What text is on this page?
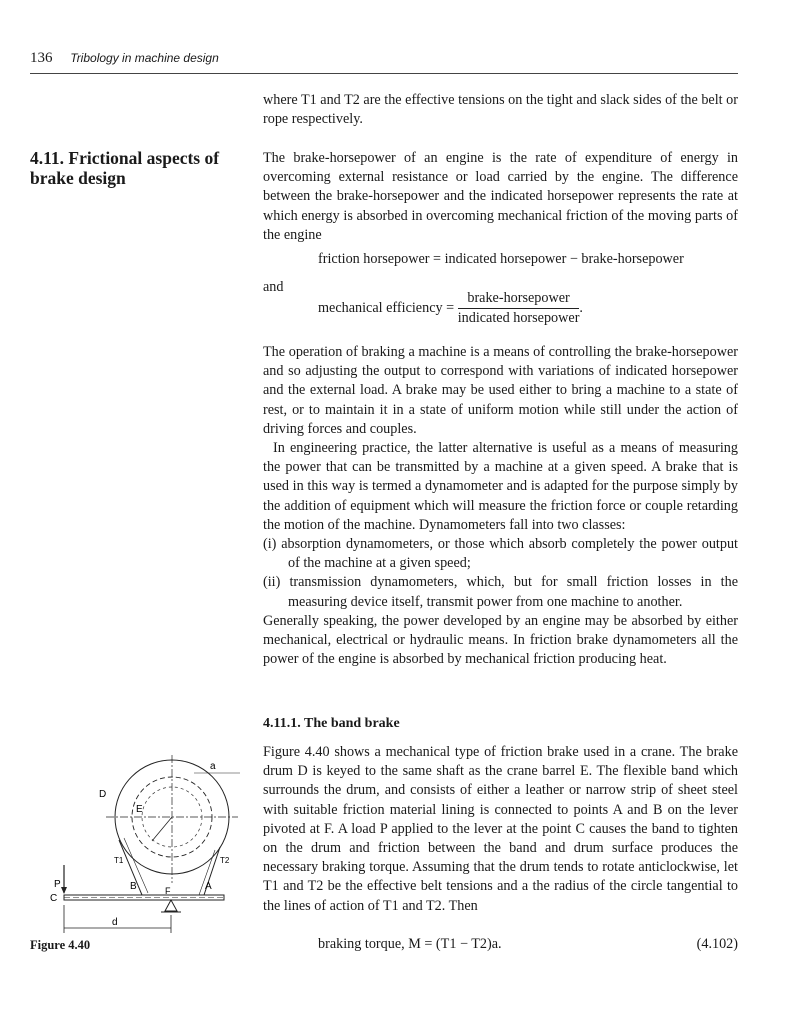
136 Tribology in machine design

where T1 and T2 are the effective tensions on the tight and slack sides of the belt or rope respectively.

4.11. Frictional aspects of brake design

The brake-horsepower of an engine is the rate of expenditure of energy in overcoming external resistance or load carried by the engine. The difference between the brake-horsepower and the indicated horsepower represents the rate at which energy is absorbed in overcoming mechanical friction of the moving parts of the engine

friction horsepower = indicated horsepower − brake-horsepower
and
mechanical efficiency = $\frac{\text{brake-horsepower}}{\text{indicated horsepower}}$ .

The operation of braking a machine is a means of controlling the brake-horsepower and so adjusting the output to correspond with variations of indicated horsepower and the external load. A brake may be used either to bring a machine to a state of rest, or to maintain it in a state of uniform motion while still under the action of driving forces and couples.

In engineering practice, the latter alternative is useful as a means of measuring the power that can be transmitted by a machine at a given speed. A brake that is used in this way is termed a dynamometer and is adapted for the purpose simply by the addition of equipment which will measure the friction force or couple retarding the motion of the machine. Dynamometers fall into two classes:

(i) absorption dynamometers, or those which absorb completely the power output of the machine at a given speed;

(ii) transmission dynamometers, which, but for small friction losses in the measuring device itself, transmit power from one machine to another.

Generally speaking, the power developed by an engine may be absorbed by either mechanical, electrical or hydraulic means. In friction brake dynamometers all the power of the engine is absorbed by mechanical friction producing heat.

4.11.1. The band brake

Figure 4.40 shows a mechanical type of friction brake used in a crane. The brake drum D is keyed to the same shaft as the crane barrel E. The flexible band which surrounds the drum, and consists of either a leather or narrow strip of sheet steel with suitable friction material lining is connected to points A and B on the lever pivoted at F. A load P applied to the lever at the point C causes the band to tighten on the drum and friction between the band and drum surface produces the necessary braking torque. Assuming that the drum tends to rotate anticlockwise, let T1 and T2 be the effective belt tensions and a the radius of the circle tangential to the lines of action of T1 and T2. Then

braking torque, M = (T1 − T2)a.	(4.102)
a
D
E
P	B	F	A
C
d
T1	T2
Figure 4.40
